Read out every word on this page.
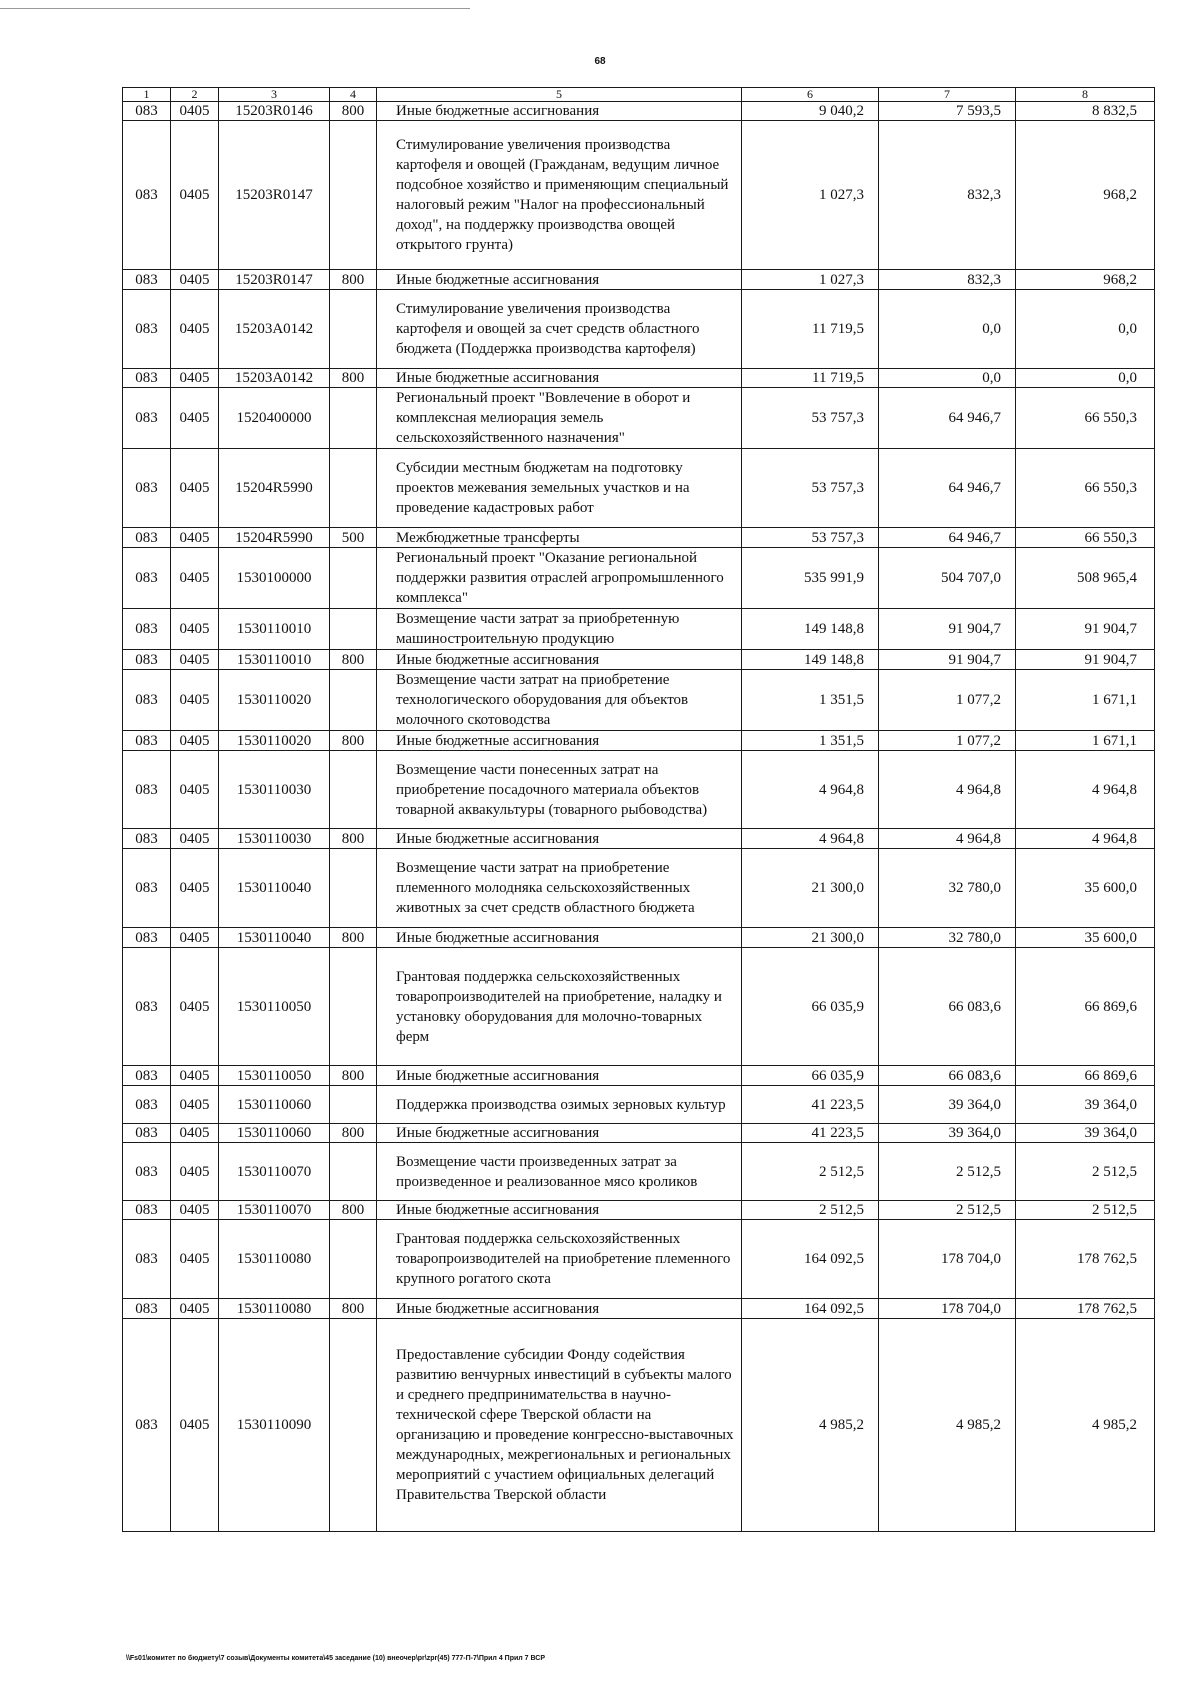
68
1	2	3	4	5	6	7	8
083	0405	15203R0146	800	Иные бюджетные ассигнования	9 040,2	7 593,5	8 832,5
083	0405	15203R0147		Стимулирование увеличения производства картофеля и овощей (Гражданам, ведущим личное подсобное хозяйство и применяющим специальный налоговый режим "Налог на профессиональный доход", на поддержку производства овощей открытого грунта)	1 027,3	832,3	968,2
083	0405	15203R0147	800	Иные бюджетные ассигнования	1 027,3	832,3	968,2
083	0405	15203A0142		Стимулирование увеличения производства картофеля и овощей за счет средств областного бюджета (Поддержка производства картофеля)	11 719,5	0,0	0,0
083	0405	15203A0142	800	Иные бюджетные ассигнования	11 719,5	0,0	0,0
083	0405	1520400000		Региональный проект "Вовлечение в оборот и комплексная мелиорация земель сельскохозяйственного назначения"	53 757,3	64 946,7	66 550,3
083	0405	15204R5990		Субсидии местным бюджетам на подготовку проектов межевания земельных участков и на проведение кадастровых работ	53 757,3	64 946,7	66 550,3
083	0405	15204R5990	500	Межбюджетные трансферты	53 757,3	64 946,7	66 550,3
083	0405	1530100000		Региональный проект "Оказание региональной поддержки развития отраслей агропромышленного комплекса"	535 991,9	504 707,0	508 965,4
083	0405	1530110010		Возмещение части затрат за приобретенную машиностроительную продукцию	149 148,8	91 904,7	91 904,7
083	0405	1530110010	800	Иные бюджетные ассигнования	149 148,8	91 904,7	91 904,7
083	0405	1530110020		Возмещение части затрат на приобретение технологического оборудования для объектов молочного скотоводства	1 351,5	1 077,2	1 671,1
083	0405	1530110020	800	Иные бюджетные ассигнования	1 351,5	1 077,2	1 671,1
083	0405	1530110030		Возмещение части понесенных затрат на приобретение посадочного материала объектов товарной аквакультуры (товарного рыбоводства)	4 964,8	4 964,8	4 964,8
083	0405	1530110030	800	Иные бюджетные ассигнования	4 964,8	4 964,8	4 964,8
083	0405	1530110040		Возмещение части затрат на приобретение племенного молодняка сельскохозяйственных животных за счет средств областного бюджета	21 300,0	32 780,0	35 600,0
083	0405	1530110040	800	Иные бюджетные ассигнования	21 300,0	32 780,0	35 600,0
083	0405	1530110050		Грантовая поддержка сельскохозяйственных товаропроизводителей на приобретение, наладку и установку оборудования для молочно-товарных ферм	66 035,9	66 083,6	66 869,6
083	0405	1530110050	800	Иные бюджетные ассигнования	66 035,9	66 083,6	66 869,6
083	0405	1530110060		Поддержка производства озимых зерновых культур	41 223,5	39 364,0	39 364,0
083	0405	1530110060	800	Иные бюджетные ассигнования	41 223,5	39 364,0	39 364,0
083	0405	1530110070		Возмещение части произведенных затрат за произведенное и реализованное мясо кроликов	2 512,5	2 512,5	2 512,5
083	0405	1530110070	800	Иные бюджетные ассигнования	2 512,5	2 512,5	2 512,5
083	0405	1530110080		Грантовая поддержка сельскохозяйственных товаропроизводителей на приобретение племенного крупного рогатого скота	164 092,5	178 704,0	178 762,5
083	0405	1530110080	800	Иные бюджетные ассигнования	164 092,5	178 704,0	178 762,5
083	0405	1530110090		Предоставление субсидии Фонду содействия развитию венчурных инвестиций в субъекты малого и среднего предпринимательства в научно-технической сфере Тверской области на организацию и проведение конгрессно-выставочных международных, межрегиональных и региональных мероприятий с участием официальных делегаций Правительства Тверской области	4 985,2	4 985,2	4 985,2
\\Fs01\комитет по бюджету\7 созыв\Документы комитета\45 заседание (10) внеочер\pr\zpr(45) 777-П-7\Прил 4 Прил 7 ВСР
